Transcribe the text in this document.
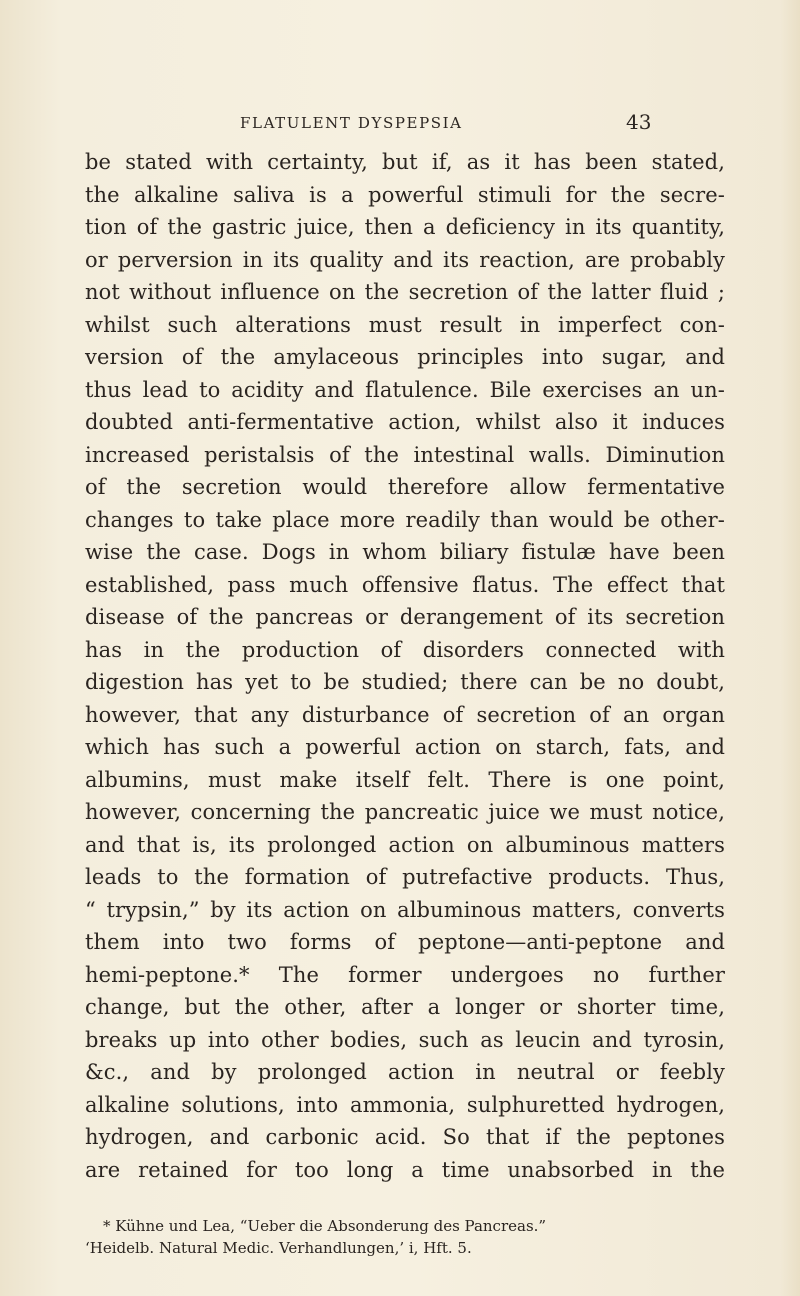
FLATULENT DYSPEPSIA	43
be stated with certainty, but if, as it has been stated,
the alkaline saliva is a powerful stimuli for the secre-
tion of the gastric juice, then a deficiency in its quantity,
or perversion in its quality and its reaction, are probably
not without influence on the secretion of the latter fluid ;
whilst such alterations must result in imperfect con-
version of the amylaceous principles into sugar, and
thus lead to acidity and flatulence. Bile exercises an un-
doubted anti-fermentative action, whilst also it induces
increased peristalsis of the intestinal walls. Diminution
of the secretion would therefore allow fermentative
changes to take place more readily than would be other-
wise the case. Dogs in whom biliary fistulæ have been
established, pass much offensive flatus. The effect that
disease of the pancreas or derangement of its secretion
has in the production of disorders connected with
digestion has yet to be studied; there can be no doubt,
however, that any disturbance of secretion of an organ
which has such a powerful action on starch, fats, and
albumins, must make itself felt. There is one point,
however, concerning the pancreatic juice we must notice,
and that is, its prolonged action on albuminous matters
leads to the formation of putrefactive products. Thus,
“ trypsin,” by its action on albuminous matters, converts
them into two forms of peptone—anti-peptone and
hemi-peptone.* The former undergoes no further
change, but the other, after a longer or shorter time,
breaks up into other bodies, such as leucin and tyrosin,
&c., and by prolonged action in neutral or feebly
alkaline solutions, into ammonia, sulphuretted hydrogen,
hydrogen, and carbonic acid. So that if the peptones
are retained for too long a time unabsorbed in the
* Kühne und Lea, “Ueber die Absonderung des Pancreas.”
‘Heidelb. Natural Medic. Verhandlungen,’ i, Hft. 5.
